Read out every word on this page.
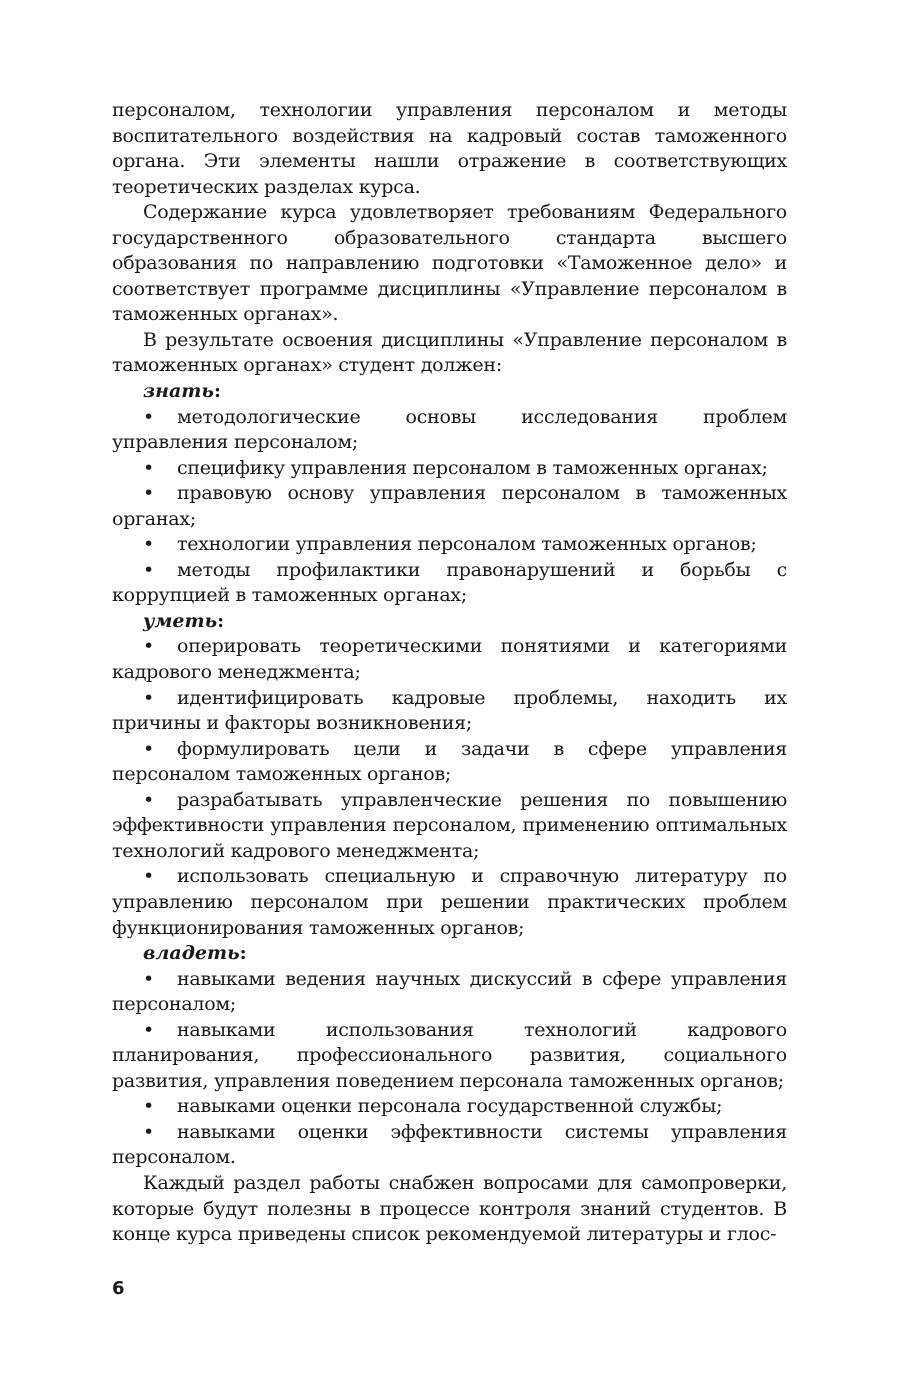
персоналом, технологии управления персоналом и методы воспитательного воздействия на кадровый состав таможенного органа. Эти элементы нашли отражение в соответствующих теоретических разделах курса.

Содержание курса удовлетворяет требованиям Федерального государственного образовательного стандарта высшего образования по направлению подготовки «Таможенное дело» и соответствует программе дисциплины «Управление персоналом в таможенных органах».

В результате освоения дисциплины «Управление персоналом в таможенных органах» студент должен:

знать:

• методологические основы исследования проблем управления персоналом;

• специфику управления персоналом в таможенных органах;

• правовую основу управления персоналом в таможенных органах;

• технологии управления персоналом таможенных органов;

• методы профилактики правонарушений и борьбы с коррупцией в таможенных органах;

уметь:

• оперировать теоретическими понятиями и категориями кадрового менеджмента;

• идентифицировать кадровые проблемы, находить их причины и факторы возникновения;

• формулировать цели и задачи в сфере управления персоналом таможенных органов;

• разрабатывать управленческие решения по повышению эффективности управления персоналом, применению оптимальных технологий кадрового менеджмента;

• использовать специальную и справочную литературу по управлению персоналом при решении практических проблем функционирования таможенных органов;

владеть:

• навыками ведения научных дискуссий в сфере управления персоналом;

• навыками использования технологий кадрового планирования, профессионального развития, социального развития, управления поведением персонала таможенных органов;

• навыками оценки персонала государственной службы;

• навыками оценки эффективности системы управления персоналом.

Каждый раздел работы снабжен вопросами для самопроверки, которые будут полезны в процессе контроля знаний студентов. В конце курса приведены список рекомендуемой литературы и глос-

6
